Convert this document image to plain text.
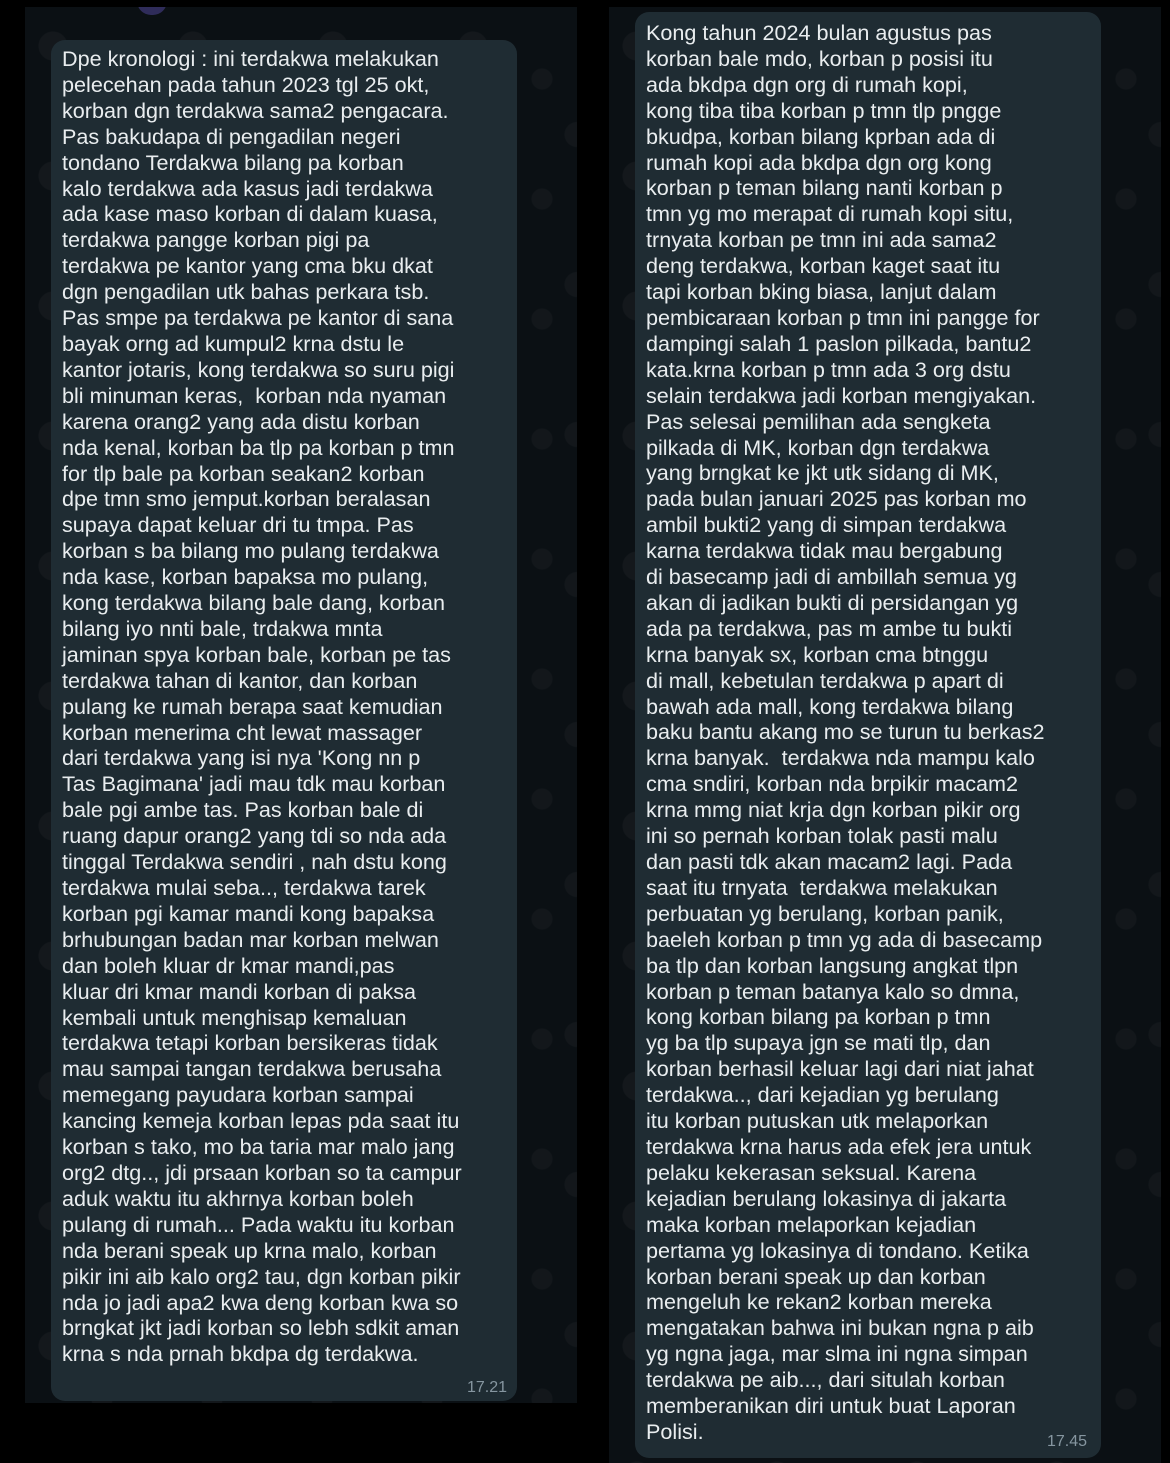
Dpe kronologi : ini terdakwa melakukan
pelecehan pada tahun 2023 tgl 25 okt,
korban dgn terdakwa sama2 pengacara.
Pas bakudapa di pengadilan negeri
tondano Terdakwa bilang pa korban
kalo terdakwa ada kasus jadi terdakwa
ada kase maso korban di dalam kuasa,
terdakwa pangge korban pigi pa
terdakwa pe kantor yang cma bku dkat
dgn pengadilan utk bahas perkara tsb.
Pas smpe pa terdakwa pe kantor di sana
bayak orng ad kumpul2 krna dstu le
kantor jotaris, kong terdakwa so suru pigi
bli minuman keras,  korban nda nyaman
karena orang2 yang ada distu korban
nda kenal, korban ba tlp pa korban p tmn
for tlp bale pa korban seakan2 korban
dpe tmn smo jemput.korban beralasan
supaya dapat keluar dri tu tmpa. Pas
korban s ba bilang mo pulang terdakwa
nda kase, korban bapaksa mo pulang,
kong terdakwa bilang bale dang, korban
bilang iyo nnti bale, trdakwa mnta
jaminan spya korban bale, korban pe tas
terdakwa tahan di kantor, dan korban
pulang ke rumah berapa saat kemudian
korban menerima cht lewat massager
dari terdakwa yang isi nya 'Kong nn p
Tas Bagimana' jadi mau tdk mau korban
bale pgi ambe tas. Pas korban bale di
ruang dapur orang2 yang tdi so nda ada
tinggal Terdakwa sendiri , nah dstu kong
terdakwa mulai seba.., terdakwa tarek
korban pgi kamar mandi kong bapaksa
brhubungan badan mar korban melwan
dan boleh kluar dr kmar mandi,pas
kluar dri kmar mandi korban di paksa
kembali untuk menghisap kemaluan
terdakwa tetapi korban bersikeras tidak
mau sampai tangan terdakwa berusaha
memegang payudara korban sampai
kancing kemeja korban lepas pda saat itu
korban s tako, mo ba taria mar malo jang
org2 dtg.., jdi prsaan korban so ta campur
aduk waktu itu akhrnya korban boleh
pulang di rumah... Pada waktu itu korban
nda berani speak up krna malo, korban
pikir ini aib kalo org2 tau, dgn korban pikir
nda jo jadi apa2 kwa deng korban kwa so
brngkat jkt jadi korban so lebh sdkit aman
krna s nda prnah bkdpa dg terdakwa.
17.21
Kong tahun 2024 bulan agustus pas
korban bale mdo, korban p posisi itu
ada bkdpa dgn org di rumah kopi,
kong tiba tiba korban p tmn tlp pngge
bkudpa, korban bilang kprban ada di
rumah kopi ada bkdpa dgn org kong
korban p teman bilang nanti korban p
tmn yg mo merapat di rumah kopi situ,
trnyata korban pe tmn ini ada sama2
deng terdakwa, korban kaget saat itu
tapi korban bking biasa, lanjut dalam
pembicaraan korban p tmn ini pangge for
dampingi salah 1 paslon pilkada, bantu2
kata.krna korban p tmn ada 3 org dstu
selain terdakwa jadi korban mengiyakan.
Pas selesai pemilihan ada sengketa
pilkada di MK, korban dgn terdakwa
yang brngkat ke jkt utk sidang di MK,
pada bulan januari 2025 pas korban mo
ambil bukti2 yang di simpan terdakwa
karna terdakwa tidak mau bergabung
di basecamp jadi di ambillah semua yg
akan di jadikan bukti di persidangan yg
ada pa terdakwa, pas m ambe tu bukti
krna banyak sx, korban cma btnggu
di mall, kebetulan terdakwa p apart di
bawah ada mall, kong terdakwa bilang
baku bantu akang mo se turun tu berkas2
krna banyak.  terdakwa nda mampu kalo
cma sndiri, korban nda brpikir macam2
krna mmg niat krja dgn korban pikir org
ini so pernah korban tolak pasti malu
dan pasti tdk akan macam2 lagi. Pada
saat itu trnyata  terdakwa melakukan
perbuatan yg berulang, korban panik,
baeleh korban p tmn yg ada di basecamp
ba tlp dan korban langsung angkat tlpn
korban p teman batanya kalo so dmna,
kong korban bilang pa korban p tmn
yg ba tlp supaya jgn se mati tlp, dan
korban berhasil keluar lagi dari niat jahat
terdakwa.., dari kejadian yg berulang
itu korban putuskan utk melaporkan
terdakwa krna harus ada efek jera untuk
pelaku kekerasan seksual. Karena
kejadian berulang lokasinya di jakarta
maka korban melaporkan kejadian
pertama yg lokasinya di tondano. Ketika
korban berani speak up dan korban
mengeluh ke rekan2 korban mereka
mengatakan bahwa ini bukan ngna p aib
yg ngna jaga, mar slma ini ngna simpan
terdakwa pe aib..., dari situlah korban
memberanikan diri untuk buat Laporan
Polisi.	17.45
